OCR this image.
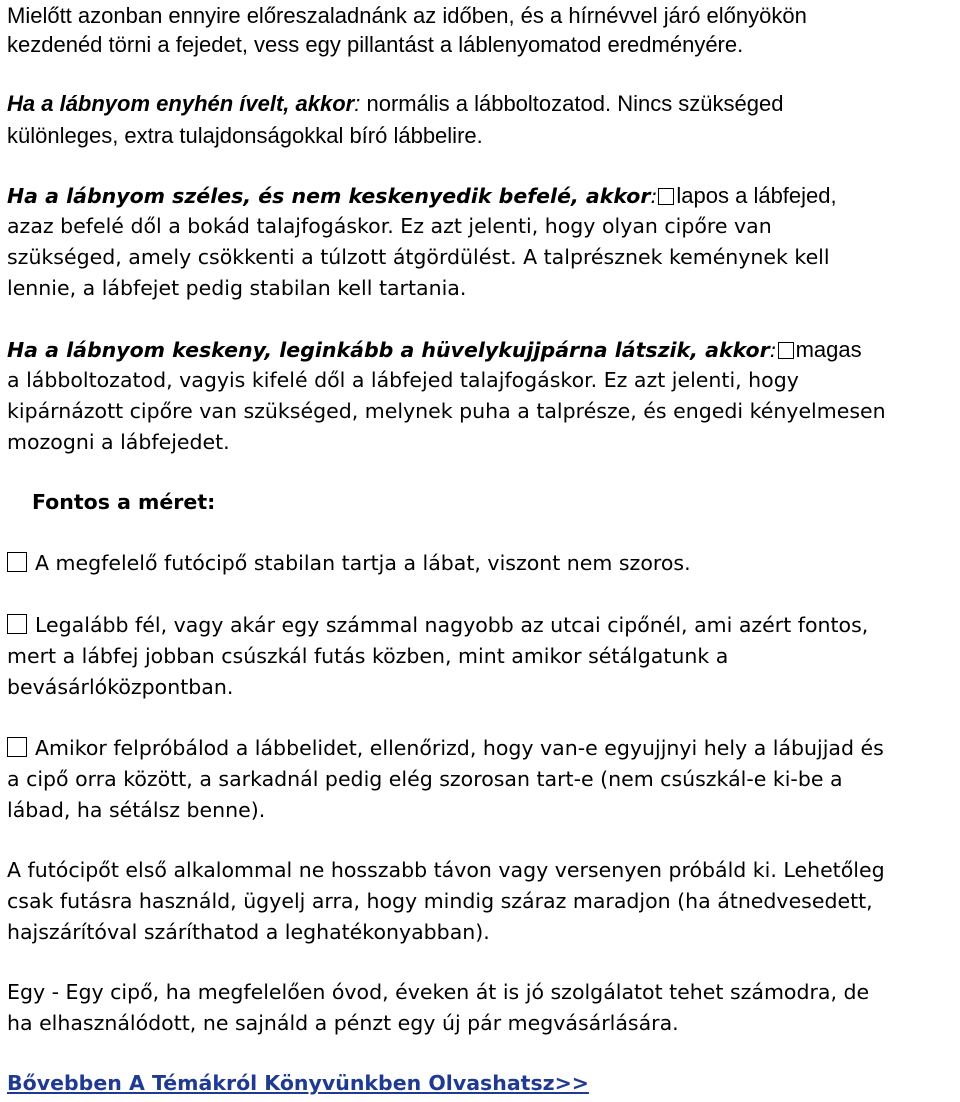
Mielőtt azonban ennyire előreszaladnánk az időben, és a hírnévvel járó előnyökön

kezdenéd törni a fejedet, vess egy pillantást a láblenyomatod eredményére.

Ha a lábnyom enyhén ívelt, akkor: normális a lábboltozatod. Nincs szükséged

különleges, extra tulajdonságokkal bíró lábbelire.

Ha a lábnyom széles, és nem keskenyedik befelé, akkor: lapos a lábfejed,

azaz befelé dől a bokád talajfogáskor. Ez azt jelenti, hogy olyan cipőre van

szükséged, amely csökkenti a túlzott átgördülést. A talprésznek keménynek kell

lennie, a lábfejet pedig stabilan kell tartania.

Ha a lábnyom keskeny, leginkább a hüvelykujjpárna látszik, akkor: magas

a lábboltozatod, vagyis kifelé dől a lábfejed talajfogáskor. Ez azt jelenti, hogy

kipárnázott cipőre van szükséged, melynek puha a talprésze, és engedi kényelmesen

mozogni a lábfejedet.

Fontos a méret:

A megfelelő futócipő stabilan tartja a lábat, viszont nem szoros.

Legalább fél, vagy akár egy számmal nagyobb az utcai cipőnél, ami azért fontos,

mert a lábfej jobban csúszkál futás közben, mint amikor sétálgatunk a

bevásárlóközpontban.

Amikor felpróbálod a lábbelidet, ellenőrizd, hogy van-e egyujjnyi hely a lábujjad és

a cipő orra között, a sarkadnál pedig elég szorosan tart-e (nem csúszkál-e ki-be a

lábad, ha sétálsz benne).

A futócipőt első alkalommal ne hosszabb távon vagy versenyen próbáld ki. Lehetőleg

csak futásra használd, ügyelj arra, hogy mindig száraz maradjon (ha átnedvesedett,

hajszárítóval száríthatod a leghatékonyabban).

Egy - Egy cipő, ha megfelelően óvod, éveken át is jó szolgálatot tehet számodra, de

ha elhasználódott, ne sajnáld a pénzt egy új pár megvásárlására.

Bővebben A Témákról Könyvünkben Olvashatsz>>
